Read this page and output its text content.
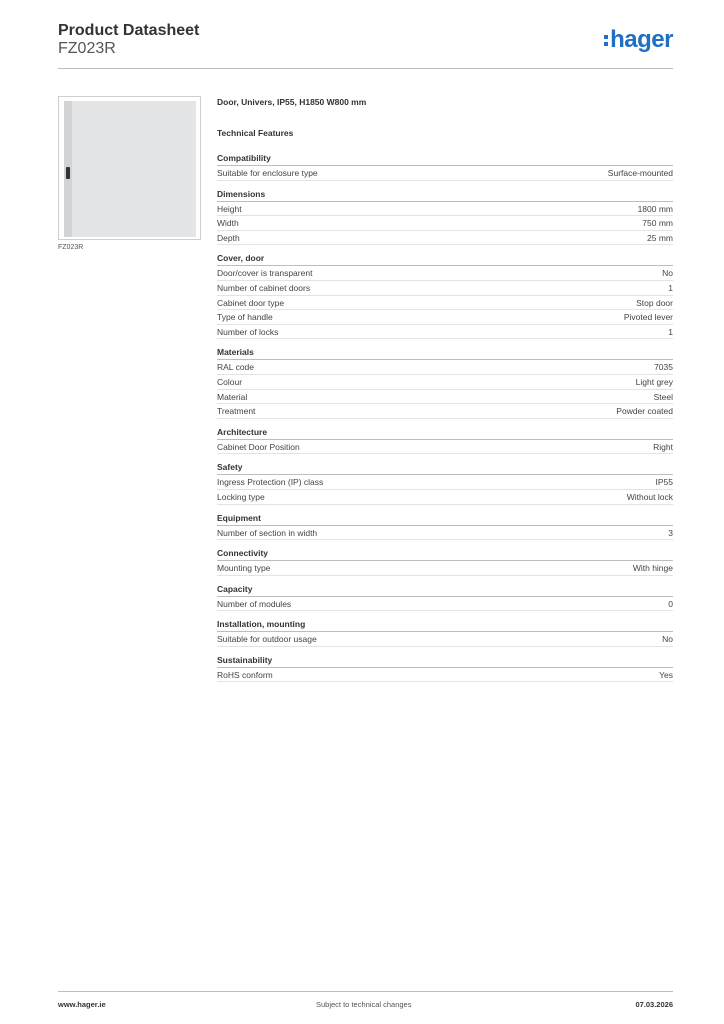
Product Datasheet
FZ023R	hager
FZ023R
Door, Univers, IP55, H1850 W800 mm
Technical Features
Compatibility
Suitable for enclosure type	Surface-mounted
Dimensions
Height	1800 mm
Width	750 mm
Depth	25 mm
Cover, door
Door/cover is transparent	No
Number of cabinet doors	1
Cabinet door type	Stop door
Type of handle	Pivoted lever
Number of locks	1
Materials
RAL code	7035
Colour	Light grey
Material	Steel
Treatment	Powder coated
Architecture
Cabinet Door Position	Right
Safety
Ingress Protection (IP) class	IP55
Locking type	Without lock
Equipment
Number of section in width	3
Connectivity
Mounting type	With hinge
Capacity
Number of modules	0
Installation, mounting
Suitable for outdoor usage	No
Sustainability
RoHS conform	Yes
www.hager.ie	Subject to technical changes	07.03.2026
